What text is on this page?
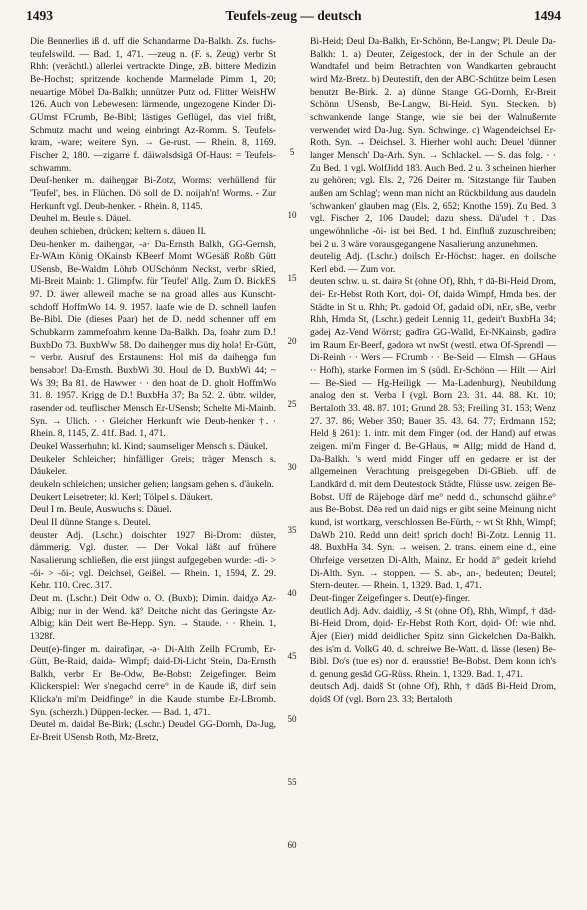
1493	Teufels-zeug — deutsch	1494

Die Bennerlies iß d. uff die Schandarme Da-Balkh. Zs. fuchs-teufelswild. — Bad. 1, 471. —zeug n. (F. s. Zeug) verbr St Rhh: (verächtl.) allerlei vertrackte Dinge, zB. bittere Medizin Be-Hochst; spritzende kochende Marmelade Pimm 1, 20; neuartige Möbel Da-Balkh; unnützer Putz od. Flitter WeisHW 126. Auch von Lebewesen: lärmende, ungezogene Kinder Di-GUmst FCrumb, Be-Bibl; lästiges Geflügel, das viel frißt, Schmutz macht und weing einbringt Az-Romm. S. Teufels-kram, -ware; weitere Syn. → Ge-rust. — Rhein. 8, 1169. Fischer 2, 180. —zigarre f. däiwəlsdsigā Of-Haus: = Teufels-schwamm.

Deuf-henker m. daihеŋgər Bi-Zotz, Worms: verhüllend für 'Teufel', bes. in Flüchen. Dö soll de D. noijah'n! Worms. - Zur Herkunft vgl. Deub-henker. - Rhein. 8, 1145.

Deuhel m. Beule s. Däuel.

deuhen schieben, drücken; keltern s. däuen II.

Deu-henker m. daihеŋgər, -ə· Da-Ernsth Balkh, GG-Gernsh, Er-WAm König OKainsb KBeerf Momt WGesäß Roßb Gütt USensb, Be-Waldm Löhrb OUSchönm Neckst, verbr sRied, Mi-Breit Mainb: 1. Glimpfw. für 'Teufel' Allg. Zum D. BickES 97. D. äwer allewеil mache se na groad alles aus Kunscht-schdoff HoffmWo 14. 9. 1957. laafe wie de D. schnell laufen Be-Bibl. Die (dieses Paar) het de D. nedd schenner uff em Schubkarrn zammefoahrn kenne Da-Balkh. Da, foahr zum D.! BuxbDo 73. BuxbWw 58. Do daiheŋger mus diχ holə! Er-Gütt, ~ verbr. Ausruf des Erstaunens: Hol miš də daiheŋgə fun bensəbɔr! Da-Ernsth. BuxbWi 30. Houl de D. BuxbWi 44; ~ Ws 39; Ba 81. de Hawwer · · den hoat de D. gholt HoffmWo 31. 8. 1957. Krigg de D.! BuxbHa 37; Ba 52. 2. übtr. wilder, rasender od. teuflischer Mensch Er-USensb; Schelte Mi-Mainb. Syn. → Ulich. · · Gleicher Herkunft wie Deub-henker †. · Rhein. 8, 1145, Z. 41f. Bad. 1, 471.

Deukel Wasserhuhn; kl. Kind; saumseliger Mensch s. Däukel.

Deukeler Schleicher; hinfälliger Greis; träger Mensch s. Däukeler.

deukeln schleichen; unsicher gehen; langsam gehen s. d'äukeln.

Deukert Leisetreter; kl. Kerl; Tölpel s. Däukert.

Deul I m. Beule, Auswuchs s. Däuel.

Deul II dünne Stange s. Deutel.

deuster Adj. (Lschr.) doischter 1927 Bi-Drom: düster, dämmerig. Vgl. duster. — Der Vokal läßt auf frühere Nasalierung schließen, die erst jüngst aufgegeben wurde: -di- > -ŏi- > -ŏi-; vgl. Deichsel, Geißel. — Rhein. 1, 1594, Z. 29. Kehr. 110. Crec. 317.

Deut m. (Lschr.) Deit Odw o. O. (Buxb); Dimin. daidχə Az-Albig; nur in der Wend. kā° Deitche nicht das Geringste Az-Albig; kän Deit wert Be-Hepp. Syn. → Staude. · · Rhein. 1, 1328f.

Deut(e)-finger m. dairəfiŋər, -ə· Di-Alth Zeilh FCrumb, Er-Gütt, Be-Raid, daidə- Wimpf; daid-Di-Licht Stein, Da-Ernsth Balkh, verbr Er Be-Odw, Be-Bobst: Zeigefinger. Beim Klickerspiel: Wer s'negəchd cerre° in de Kaude iß, dirf sein Klickə'n mi'm Deidfinge° in die Kaude stumbe Er-LBromb. Syn. (scherzh.) Düppen-lecker. — Bad. 1, 471.

Deutel m. daidəl Be-Birk; (Lschr.) Deudel GG-Dornh, Da-Jug, Er-Breit USensb Roth, Mz-Bretz,

5
10
15
20
25
30
35
40
45
50
55
60

Bi-Heid; Deul Da-Balkh, Er-Schönn, Be-Langw; Pl. Deule Da-Balkh: 1. a) Deuter, Zeigestock, der in der Schule an der Wandtafel und beim Betrachten von Wandkarten gebraucht wird Mz-Bretz. b) Deutestift, den der ABC-Schütze beim Lesen benutzt Be-Birk. 2. a) dünne Stange GG-Dornh, Er-Breit Schönn USensb, Be-Langw, Bi-Heid. Syn. Stecken. b) schwankende lange Stange, wie sie bei der Walnußernte verwendet wird Da-Jug. Syn. Schwinge. c) Wagendeichsel Er-Roth. Syn. → Deichsel. 3. Hierher wohl auch: Deuel 'dünner langer Mensch' Da-Arh. Syn. → Schlackel. — S. das folg. · · Zu Bed. 1 vgl. WolfJidd 183. Auch Bed. 2 u. 3 scheinen hierher zu gehören; vgl. Els. 2, 726 Deiter m. 'Sitzstange für Tauben außen am Schlag'; wenn man nicht an Rückbildung aus daudeln 'schwanken' glauben mag (Els. 2, 652; Knothe 159). Zu Bed. 3 vgl. Fischer 2, 106 Daudel; dazu shess. Dä'udel †. Das ungewöhnliche -ŏi- ist bei Bed. 1 hd. Einfluß zuzuschreiben; bei 2 u. 3 wäre vorausgegangene Nasalierung anzunehmen.

deutelig Adj. (Lschr.) doilsch Er-Höchst: hager. en doilsche Kerl ebd. — Zum vor.

deuten schw. u. st. dairə St (ohne Of), Rhh, † dā-Bi-Heid Drom, dei- Er-Hebst Roth Kort, dọi- Of, daidə Wimpf, Hmda bes. der Städte in St u. Rhh; Pt. gədoid Of, gədaid oDi, nEr, sBe, verbr Rhh, Hmda St, (Lschr.) gedeit Lennig 11, gedeit't BuxbHa 34; gədeį Az-Vend Wörrst; gədīrə GG-Walld, Er-NKainsb, gədīrə im Raum Er-Beerf, gədorə wt nwSt (westl. etwa Of-Sprendl — Di-Reinh · · Wers — FCrumb · · Be-Seid — Elmsh — GHaus ·· Hofh), starke Formen im S (südl. Er-Schönn — Hilt — Airl — Be-Sied — Hg-Heiligk — Ma-Ladenburg), Neubildung analog den st. Verba I (vgl. Born 23. 31. 44. 88. Kt. 10; Bertaloth 33. 48. 87. 101; Grund 28. 53; Freiling 31. 153; Wenz 27. 37. 86; Weber 350; Bauer 35. 43. 64. 77; Erdmann 152; Held § 261): 1. intr. mit dem Finger (od. der Hand) auf etwas zeigen. mi'm Finger d. Be-GHaus, ≃ Allg; midd de Hand d. Da-Balkh. 's werd midd Finger uff en gedərre er ist der allgemeinen Verachtung preisgegeben Di-GBieb. uff de Landkārd d. mit dem Deutestock Städte, Flüsse usw. zeigen Be-Bobst. Uff de Räjeboge därf me° nedd d., schunschd gäihr.e° aus Be-Bobst. Dēə red un daid nigs er gibt seine Meinung nicht kund, ist wortkarg, verschlossen Be-Fürth, ~ wt St Rhh, Wimpf; DaWb 210. Redd unn deit! sprich doch! Bi-Zotz. Lennig 11. 48. BuxbHa 34. Syn. → weisen. 2. trans. einem eine d., eine Ohrfeige versetzen Di-Alth, Mainz. Er hodd ā° gedeit kriehd Di-Alth. Syn. → stoppen. — S. ab-, an-, bedeuten; Deutel; Stern-deuter. — Rhein. 1, 1329. Bad. 1, 471.

Deut-finger Zeigefinger s. Deut(e)-finger.

deutlich Adj. Adv. daidliχ, -š St (ohne Of), Rhh, Wimpf, † dād- Bi-Heid Drom, dọid- Er-Hebst Roth Kort, dọid- Of: wie nhd. Äjer (Eier) midd deidlicher Spitz sinn Gickelchen Da-Balkh. des is'm d. VolkG 40. d. schreiwe Be-Watt. d. lässe (lesen) Be-Bibl. Do's (tue es) nor d. erausstie! Be-Bobst. Dem konn ich's d. genung gesād GG-Rüss. Rhein. 1, 1329. Bad. 1, 471.

deutsch Adj. daidš St (ohne Of), Rhh, † dādš Bi-Heid Drom, dọidš Of (vgl. Born 23. 33; Bertaloth
